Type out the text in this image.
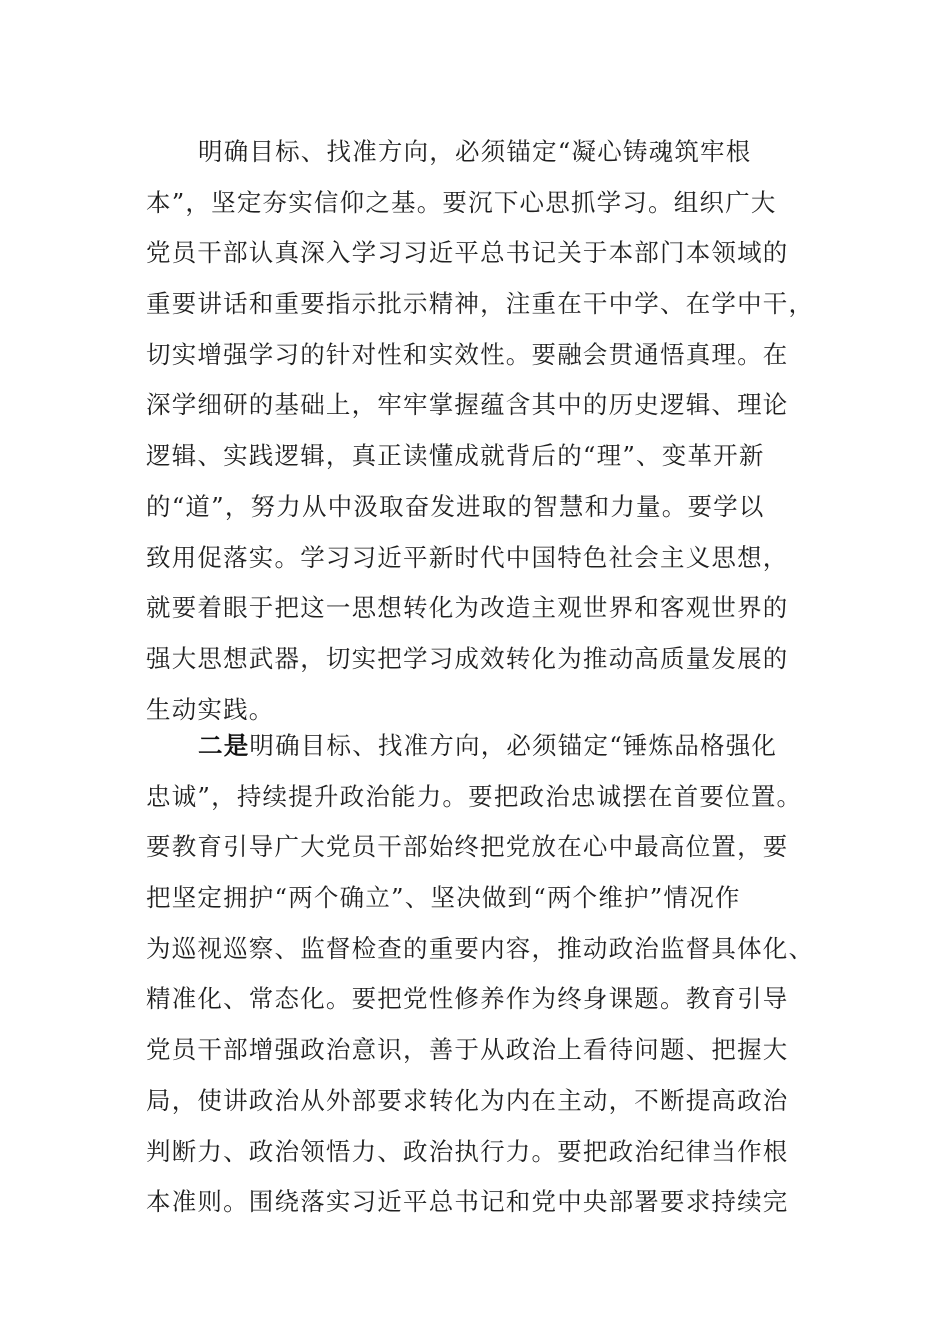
明确目标、找准方向，必须锚定“凝心铸魂筑牢根
本”，坚定夯实信仰之基。要沉下心思抓学习。组织广大
党员干部认真深入学习习近平总书记关于本部门本领域的
重要讲话和重要指示批示精神，注重在干中学、在学中干，
切实增强学习的针对性和实效性。要融会贯通悟真理。在
深学细研的基础上，牢牢掌握蕴含其中的历史逻辑、理论
逻辑、实践逻辑，真正读懂成就背后的“理”、变革开新
的“道”，努力从中汲取奋发进取的智慧和力量。要学以
致用促落实。学习习近平新时代中国特色社会主义思想，
就要着眼于把这一思想转化为改造主观世界和客观世界的
强大思想武器，切实把学习成效转化为推动高质量发展的
生动实践。
二是明确目标、找准方向，必须锚定“锤炼品格强化
忠诚”，持续提升政治能力。要把政治忠诚摆在首要位置。
要教育引导广大党员干部始终把党放在心中最高位置，要
把坚定拥护“两个确立”、坚决做到“两个维护”情况作
为巡视巡察、监督检查的重要内容，推动政治监督具体化、
精准化、常态化。要把党性修养作为终身课题。教育引导
党员干部增强政治意识，善于从政治上看待问题、把握大
局，使讲政治从外部要求转化为内在主动，不断提高政治
判断力、政治领悟力、政治执行力。要把政治纪律当作根
本准则。围绕落实习近平总书记和党中央部署要求持续完
